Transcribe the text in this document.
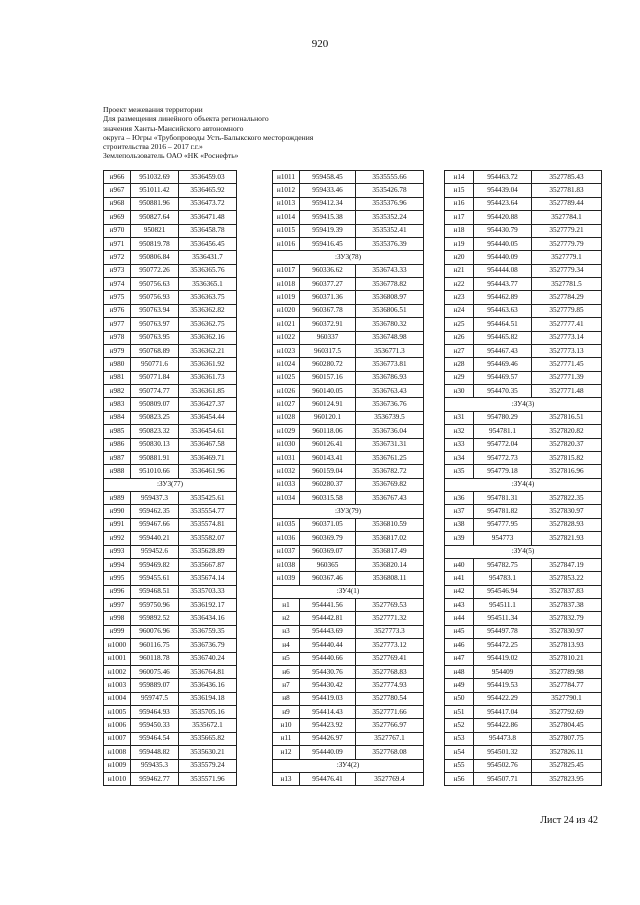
920
Проект межевания территории
Для размещения линейного объекта регионального
значения Ханты-Мансийского автономного
округа – Югры «Трубопроводы Усть-Балыкского месторождения
строительства 2016 – 2017 г.г.»
Землепользователь ОАО «НК «Роснефть»
н966	951032.69	3536459.03
н967	951011.42	3536465.92
н968	950881.96	3536473.72
н969	950827.64	3536471.48
н970	950821	3536458.78
н971	950819.78	3536456.45
н972	950806.84	3536431.7
н973	950772.26	3536365.76
н974	950756.63	3536365.1
н975	950756.93	3536363.75
н976	950763.94	3536362.82
н977	950763.97	3536362.75
н978	950763.95	3536362.16
н979	950768.89	3536362.21
н980	950771.6	3536361.92
н981	950771.84	3536361.73
н982	950774.77	3536361.85
н983	950809.07	3536427.37
н984	950823.25	3536454.44
н985	950823.32	3536454.61
н986	950830.13	3536467.58
н987	950881.91	3536469.71
н988	951010.66	3536461.96
:ЗУ3(77)		
н989	959437.3	3535425.61
н990	959462.35	3535554.77
н991	959467.66	3535574.81
н992	959440.21	3535582.07
н993	959452.6	3535628.89
н994	959469.82	3535667.87
н995	959455.61	3535674.14
н996	959468.51	3535703.33
н997	959750.96	3536192.17
н998	959892.52	3536434.16
н999	960076.96	3536759.35
н1000	960116.75	3536736.79
н1001	960118.78	3536740.24
н1002	960075.46	3536764.81
н1003	959889.07	3536436.16
н1004	959747.5	3536194.18
н1005	959464.93	3535705.16
н1006	959450.33	3535672.1
н1007	959464.54	3535665.82
н1008	959448.82	3535630.21
н1009	959435.3	3535579.24
н1010	959462.77	3535571.96
н1011	959458.45	3535555.66
н1012	959433.46	3535426.78
н1013	959412.34	3535376.96
н1014	959415.38	3535352.24
н1015	959419.39	3535352.41
н1016	959416.45	3535376.39
:ЗУ3(78)		
н1017	960336.62	3536743.33
н1018	960377.27	3536778.82
н1019	960371.36	3536808.97
н1020	960367.78	3536806.51
н1021	960372.91	3536780.32
н1022	960337	3536748.98
н1023	960317.5	3536771.3
н1024	960280.72	3536773.81
н1025	960157.16	3536786.93
н1026	960140.05	3536763.43
н1027	960124.91	3536736.76
н1028	960120.1	3536739.5
н1029	960118.06	3536736.04
н1030	960126.41	3536731.31
н1031	960143.41	3536761.25
н1032	960159.04	3536782.72
н1033	960280.37	3536769.82
н1034	960315.58	3536767.43
:ЗУ3(79)		
н1035	960371.05	3536810.59
н1036	960369.79	3536817.02
н1037	960369.07	3536817.49
н1038	960365	3536820.14
н1039	960367.46	3536808.11
:ЗУ4(1)		
н1	954441.56	3527769.53
н2	954442.81	3527771.32
н3	954443.69	3527773.3
н4	954440.44	3527773.12
н5	954440.66	3527769.41
н6	954430.76	3527768.83
н7	954430.42	3527774.93
н8	954419.03	3527780.54
н9	954414.43	3527771.66
н10	954423.92	3527766.97
н11	954426.97	3527767.1
н12	954440.09	3527768.08
:ЗУ4(2)		
н13	954476.41	3527769.4
н14	954463.72	3527785.43
н15	954439.04	3527781.83
н16	954423.64	3527789.44
н17	954420.88	3527784.1
н18	954430.79	3527779.21
н19	954440.05	3527779.79
н20	954440.09	3527779.1
н21	954444.08	3527779.34
н22	954443.77	3527781.5
н23	954462.89	3527784.29
н24	954463.63	3527779.85
н25	954464.51	3527777.41
н26	954465.82	3527773.14
н27	954467.43	3527773.13
н28	954469.46	3527771.45
н29	954469.57	3527771.39
н30	954470.35	3527771.48
:ЗУ4(3)		
н31	954780.29	3527816.51
н32	954781.1	3527820.82
н33	954772.04	3527820.37
н34	954772.73	3527815.82
н35	954779.18	3527816.96
:ЗУ4(4)		
н36	954781.31	3527822.35
н37	954781.82	3527830.97
н38	954777.95	3527828.93
н39	954773	3527821.93
:ЗУ4(5)		
н40	954782.75	3527847.19
н41	954783.1	3527853.22
н42	954546.94	3527837.83
н43	954511.1	3527837.38
н44	954511.34	3527832.79
н45	954497.78	3527830.97
н46	954472.25	3527813.93
н47	954419.02	3527810.21
н48	954409	3527789.98
н49	954419.53	3527784.77
н50	954422.29	3527790.1
н51	954417.04	3527792.69
н52	954422.86	3527804.45
н53	954473.8	3527807.75
н54	954501.32	3527826.11
н55	954502.76	3527825.45
н56	954507.71	3527823.95
Лист 24 из 42
